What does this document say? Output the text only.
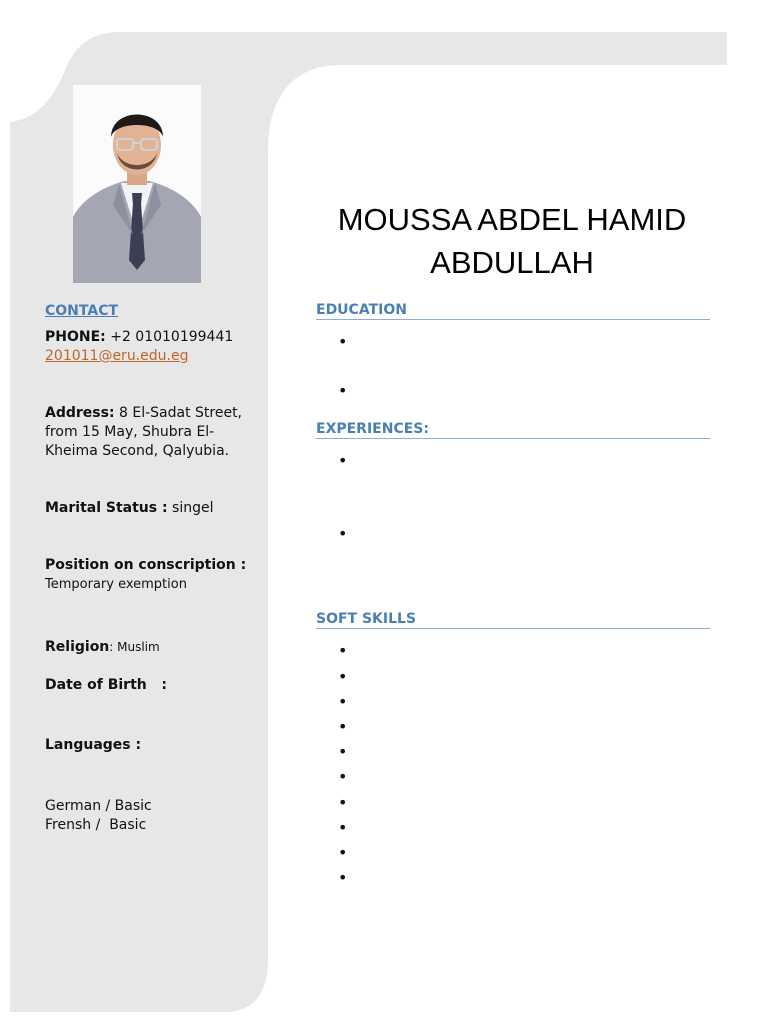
CONTACT
PHONE: +2 01010199441
201011@eru.edu.eg
Address: 8 El-Sadat Street, from 15 May, Shubra El-Kheima Second, Qalyubia.
Marital Status : singel
Position on conscription :
Temporary exemption
Religion: Muslim
Date of Birth   :
Languages :
German / Basic
Frensh /  Basic
MOUSSA ABDEL HAMID ABDULLAH
EDUCATION
•
•
EXPERIENCES:
•
•
SOFT SKILLS
•
•
•
•
•
•
•
•
•
•
